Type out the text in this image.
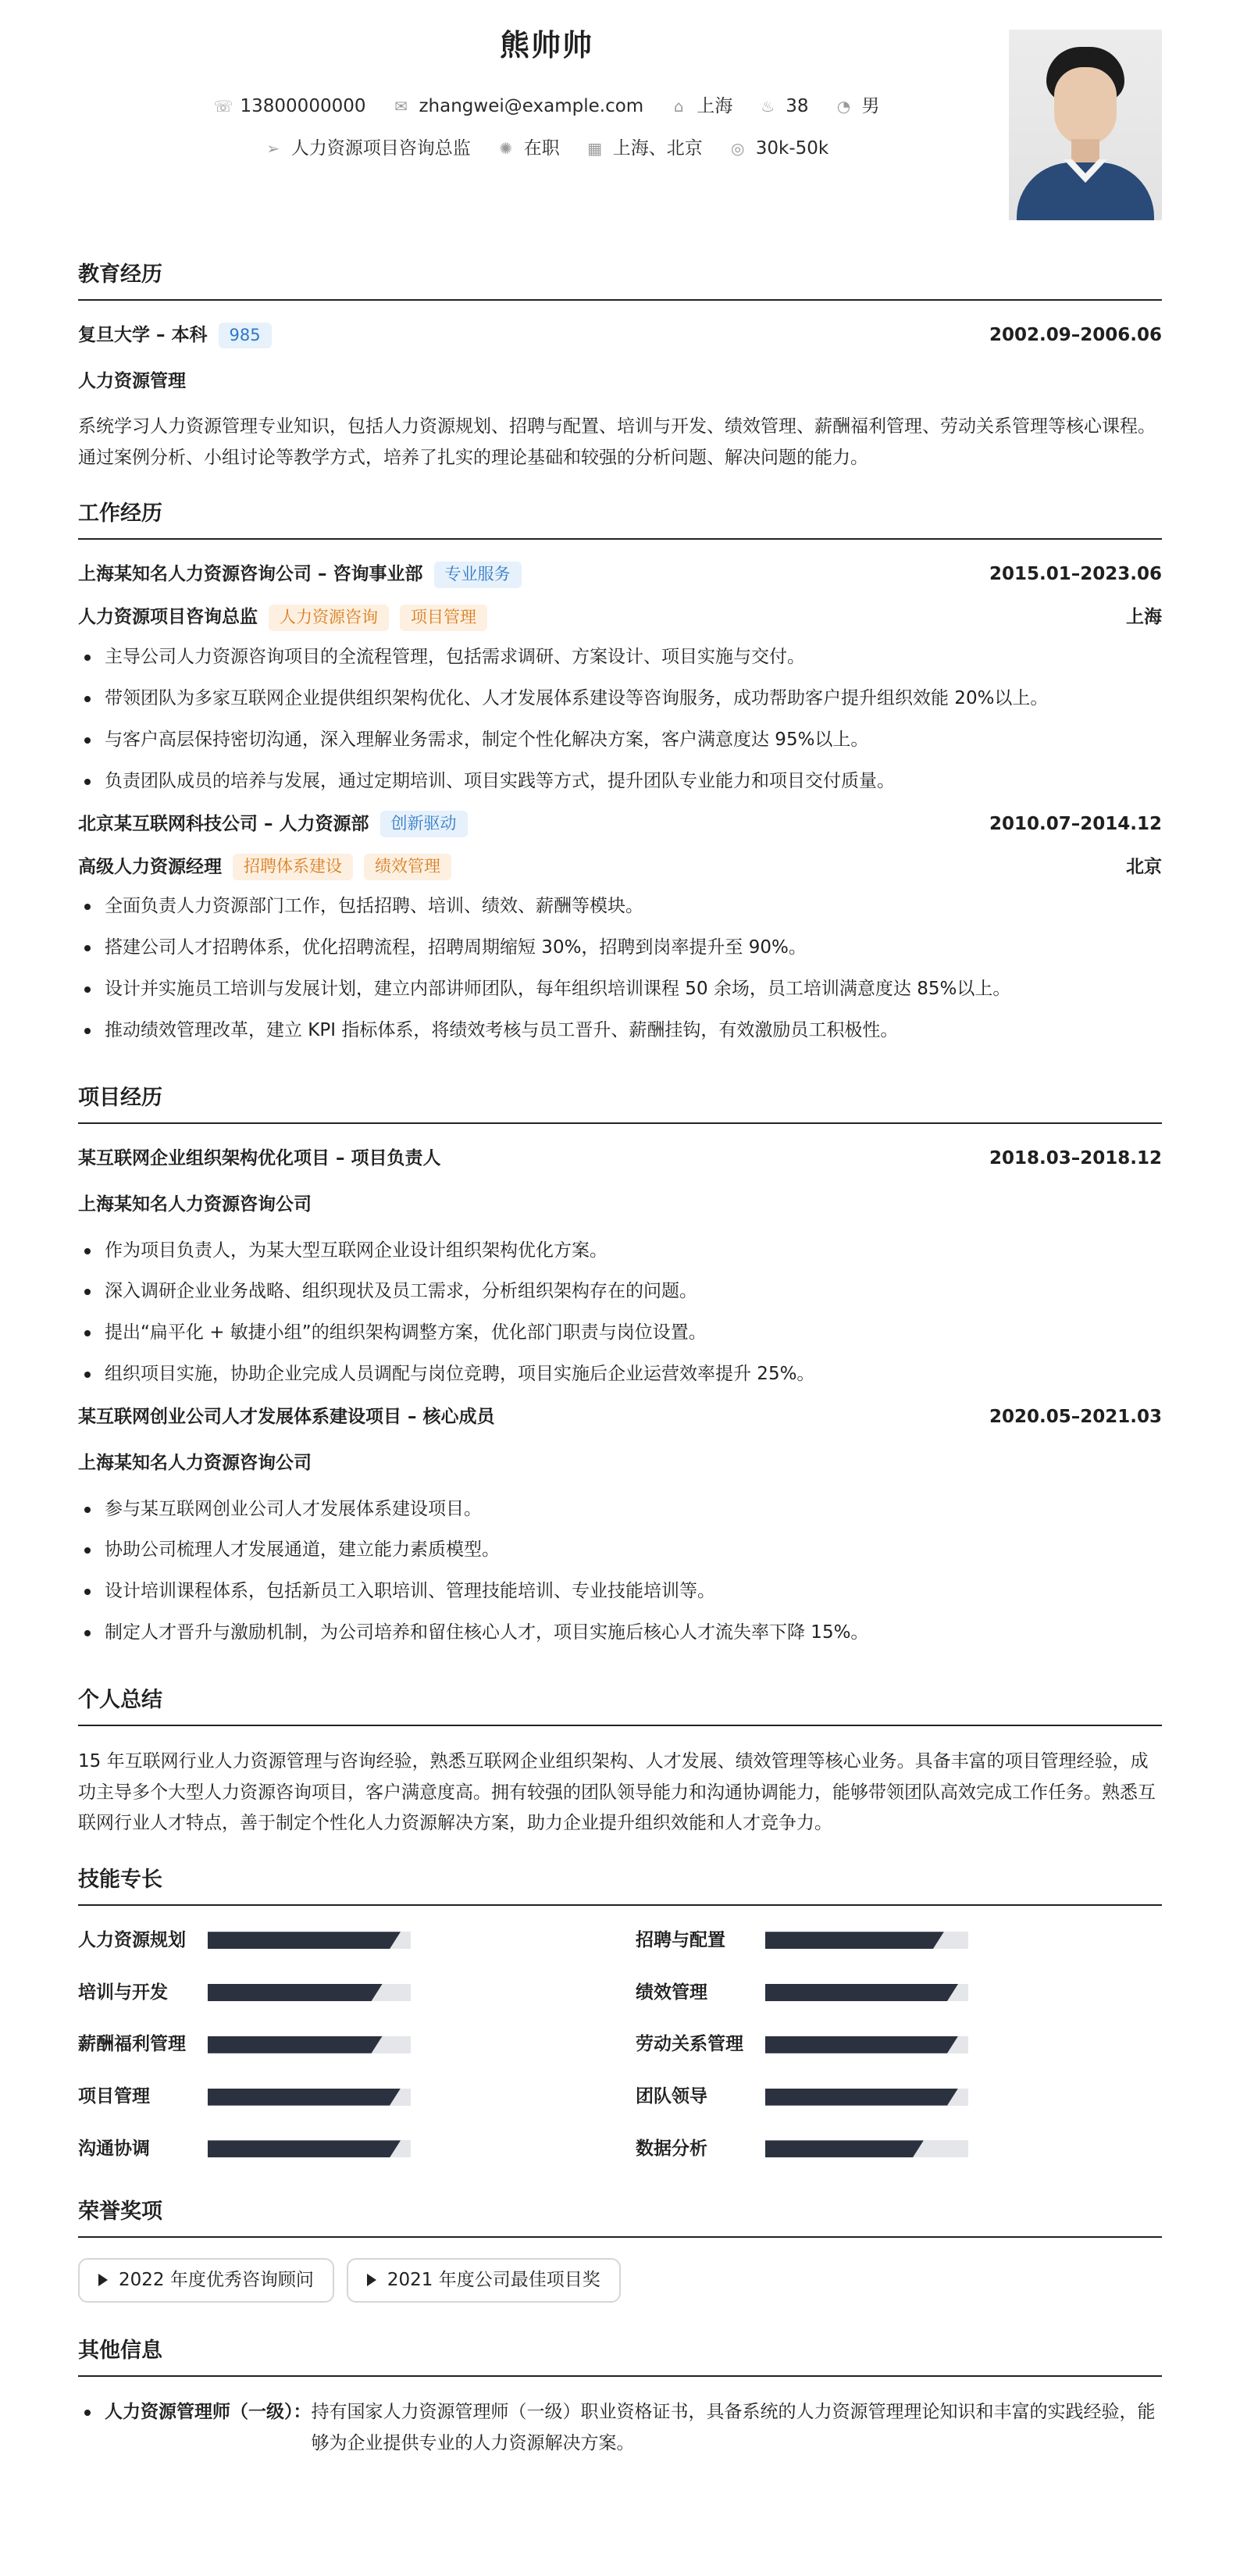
熊帅帅
☏ 13800000000 ✉ zhangwei@example.com ⌂ 上海 ♨ 38 ◔ 男
➢ 人力资源项目咨询总监 ✺ 在职 ▦ 上海、北京 ◎ 30k-50k
教育经历
复旦大学 – 本科	985	2002.09–2006.06
人力资源管理
系统学习人力资源管理专业知识，包括人力资源规划、招聘与配置、培训与开发、绩效管理、薪酬福利管理、劳动关系管理等核心课程。通过案例分析、小组讨论等教学方式，培养了扎实的理论基础和较强的分析问题、解决问题的能力。
工作经历
上海某知名人力资源咨询公司 – 咨询事业部	专业服务	2015.01–2023.06
人力资源项目咨询总监	人力资源咨询	项目管理	上海
主导公司人力资源咨询项目的全流程管理，包括需求调研、方案设计、项目实施与交付。
带领团队为多家互联网企业提供组织架构优化、人才发展体系建设等咨询服务，成功帮助客户提升组织效能 20%以上。
与客户高层保持密切沟通，深入理解业务需求，制定个性化解决方案，客户满意度达 95%以上。
负责团队成员的培养与发展，通过定期培训、项目实践等方式，提升团队专业能力和项目交付质量。
北京某互联网科技公司 – 人力资源部	创新驱动	2010.07–2014.12
高级人力资源经理	招聘体系建设	绩效管理	北京
全面负责人力资源部门工作，包括招聘、培训、绩效、薪酬等模块。
搭建公司人才招聘体系，优化招聘流程，招聘周期缩短 30%，招聘到岗率提升至 90%。
设计并实施员工培训与发展计划，建立内部讲师团队，每年组织培训课程 50 余场，员工培训满意度达 85%以上。
推动绩效管理改革，建立 KPI 指标体系，将绩效考核与员工晋升、薪酬挂钩，有效激励员工积极性。
项目经历
某互联网企业组织架构优化项目 – 项目负责人	2018.03–2018.12
上海某知名人力资源咨询公司
作为项目负责人，为某大型互联网企业设计组织架构优化方案。
深入调研企业业务战略、组织现状及员工需求，分析组织架构存在的问题。
提出“扁平化 + 敏捷小组”的组织架构调整方案，优化部门职责与岗位设置。
组织项目实施，协助企业完成人员调配与岗位竞聘，项目实施后企业运营效率提升 25%。
某互联网创业公司人才发展体系建设项目 – 核心成员	2020.05–2021.03
上海某知名人力资源咨询公司
参与某互联网创业公司人才发展体系建设项目。
协助公司梳理人才发展通道，建立能力素质模型。
设计培训课程体系，包括新员工入职培训、管理技能培训、专业技能培训等。
制定人才晋升与激励机制，为公司培养和留住核心人才，项目实施后核心人才流失率下降 15%。
个人总结
15 年互联网行业人力资源管理与咨询经验，熟悉互联网企业组织架构、人才发展、绩效管理等核心业务。具备丰富的项目管理经验，成功主导多个大型人力资源咨询项目，客户满意度高。拥有较强的团队领导能力和沟通协调能力，能够带领团队高效完成工作任务。熟悉互联网行业人才特点，善于制定个性化人力资源解决方案，助力企业提升组织效能和人才竞争力。
技能专长
人力资源规划	招聘与配置
培训与开发	绩效管理
薪酬福利管理	劳动关系管理
项目管理	团队领导
沟通协调	数据分析
荣誉奖项
2022 年度优秀咨询顾问	2021 年度公司最佳项目奖
其他信息
人力资源管理师（一级）： 持有国家人力资源管理师（一级）职业资格证书，具备系统的人力资源管理理论知识和丰富的实践经验，能够为企业提供专业的人力资源解决方案。
